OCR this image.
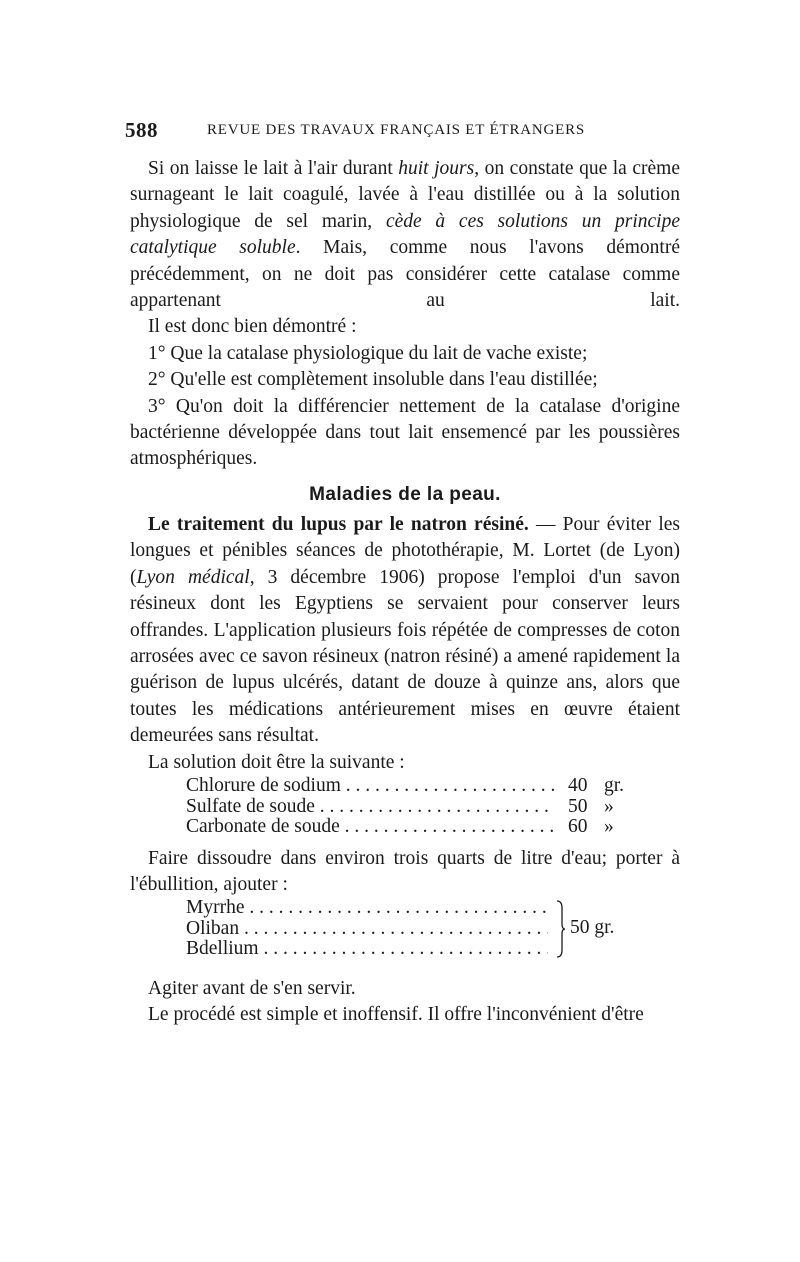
588	REVUE DES TRAVAUX FRANÇAIS ET ÉTRANGERS

Si on laisse le lait à l'air durant huit jours, on constate que la crème surnageant le lait coagulé, lavée à l'eau distillée ou à la solution physiologique de sel marin, cède à ces solutions un principe catalytique soluble. Mais, comme nous l'avons démontré précédemment, on ne doit pas considérer cette catalase comme appartenant au lait.

Il est donc bien démontré :

1° Que la catalase physiologique du lait de vache existe;

2° Qu'elle est complètement insoluble dans l'eau distillée;

3° Qu'on doit la différencier nettement de la catalase d'origine bactérienne développée dans tout lait ensemencé par les poussières atmosphériques.

Maladies de la peau.

Le traitement du lupus par le natron résiné. — Pour éviter les longues et pénibles séances de photothérapie, M. Lortet (de Lyon) (Lyon médical, 3 décembre 1906) propose l'emploi d'un savon résineux dont les Egyptiens se servaient pour conserver leurs offrandes. L'application plusieurs fois répétée de compresses de coton arrosées avec ce savon résineux (natron résiné) a amené rapidement la guérison de lupus ulcérés, datant de douze à quinze ans, alors que toutes les médications antérieurement mises en œuvre étaient demeurées sans résultat.

La solution doit être la suivante :

Chlorure de sodium . . .	40 gr.
Sulfate de soude . . .	50 »
Carbonate de soude . . .	60 »

Faire dissoudre dans environ trois quarts de litre d'eau; porter à l'ébullition, ajouter :

Myrrhe . . .
Oliban . . .
Bdellium . . .
50 gr.

Agiter avant de s'en servir.

Le procédé est simple et inoffensif. Il offre l'inconvénient d'être
